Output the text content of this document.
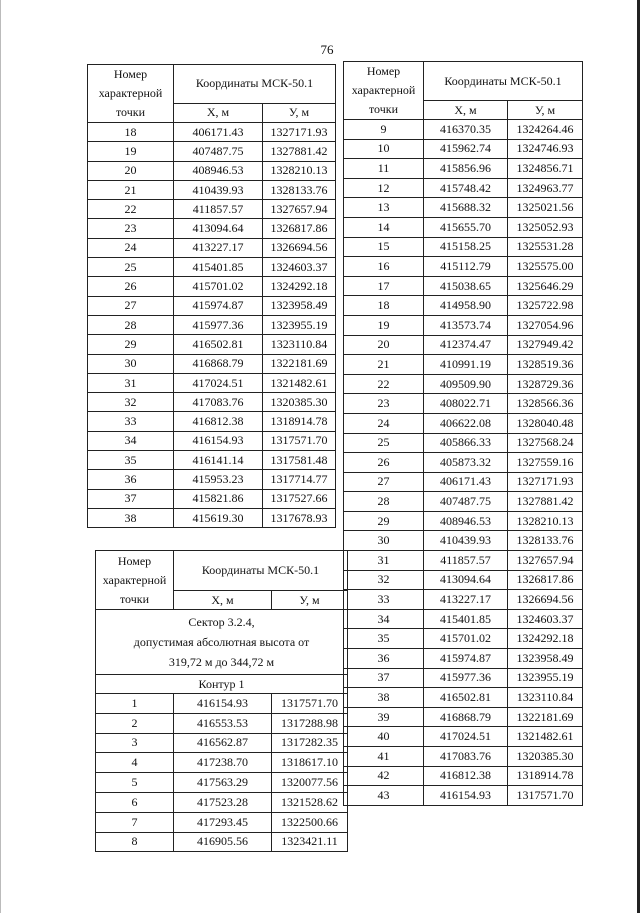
76
Номер характерной точки	Координаты МСК-50.1	
	X, м	У, м
18	406171.43	1327171.93
19	407487.75	1327881.42
20	408946.53	1328210.13
21	410439.93	1328133.76
22	411857.57	1327657.94
23	413094.64	1326817.86
24	413227.17	1326694.56
25	415401.85	1324603.37
26	415701.02	1324292.18
27	415974.87	1323958.49
28	415977.36	1323955.19
29	416502.81	1323110.84
30	416868.79	1322181.69
31	417024.51	1321482.61
32	417083.76	1320385.30
33	416812.38	1318914.78
34	416154.93	1317571.70
35	416141.14	1317581.48
36	415953.23	1317714.77
37	415821.86	1317527.66
38	415619.30	1317678.93
Номер характерной точки	Координаты МСК-50.1	
	X, м	У, м
9	416370.35	1324264.46
10	415962.74	1324746.93
11	415856.96	1324856.71
12	415748.42	1324963.77
13	415688.32	1325021.56
14	415655.70	1325052.93
15	415158.25	1325531.28
16	415112.79	1325575.00
17	415038.65	1325646.29
18	414958.90	1325722.98
19	413573.74	1327054.96
20	412374.47	1327949.42
21	410991.19	1328519.36
22	409509.90	1328729.36
23	408022.71	1328566.36
24	406622.08	1328040.48
25	405866.33	1327568.24
26	405873.32	1327559.16
27	406171.43	1327171.93
28	407487.75	1327881.42
29	408946.53	1328210.13
30	410439.93	1328133.76
31	411857.57	1327657.94
32	413094.64	1326817.86
33	413227.17	1326694.56
34	415401.85	1324603.37
35	415701.02	1324292.18
36	415974.87	1323958.49
37	415977.36	1323955.19
38	416502.81	1323110.84
39	416868.79	1322181.69
40	417024.51	1321482.61
41	417083.76	1320385.30
42	416812.38	1318914.78
43	416154.93	1317571.70
Номер характерной точки	Координаты МСК-50.1	
	X, м	У, м

Сектор 3.2.4,
допустимая абсолютная высота от
319,72 м до 344,72 м		

Контур 1		
1	416154.93	1317571.70
2	416553.53	1317288.98
3	416562.87	1317282.35
4	417238.70	1318617.10
5	417563.29	1320077.56
6	417523.28	1321528.62
7	417293.45	1322500.66
8	416905.56	1323421.11
